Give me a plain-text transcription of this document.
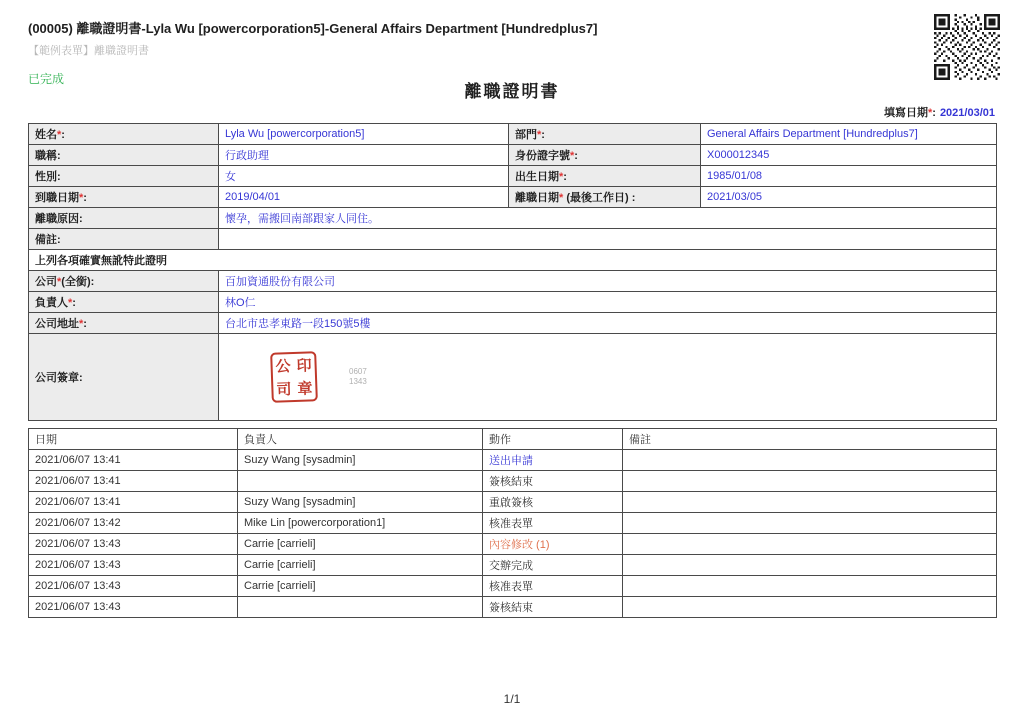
(00005) 離職證明書-Lyla Wu [powercorporation5]-General Affairs Department [Hundredplus7]
【範例表單】離職證明書
已完成
離職證明書
填寫日期*: 2021/03/01
姓名*:	Lyla Wu [powercorporation5]	部門*:	General Affairs Department [Hundredplus7]
職稱:	行政助理	身份證字號*:	X000012345
性別:	女	出生日期*:	1985/01/08
到職日期*:	2019/04/01	離職日期* (最後工作日) :	2021/03/05
離職原因:	懷孕，需搬回南部跟家人同住。		
備註:			
上列各項確實無訛特此證明			
公司*(全銜):	百加資通股份有限公司		
負責人*:	林O仁		
公司地址*:	台北市忠孝東路一段150號5樓		
公司簽章:	
公 印
司 章
0607
1343
日期	負責人	動作	備註
2021/06/07 13:41	Suzy Wang [sysadmin]	送出申請	
2021/06/07 13:41		簽核結束	
2021/06/07 13:41	Suzy Wang [sysadmin]	重啟簽核	
2021/06/07 13:42	Mike Lin [powercorporation1]	核准表單	
2021/06/07 13:43	Carrie [carrieli]	內容修改 (1)	
2021/06/07 13:43	Carrie [carrieli]	交辦完成	
2021/06/07 13:43	Carrie [carrieli]	核准表單	
2021/06/07 13:43		簽核結束	
1/1
